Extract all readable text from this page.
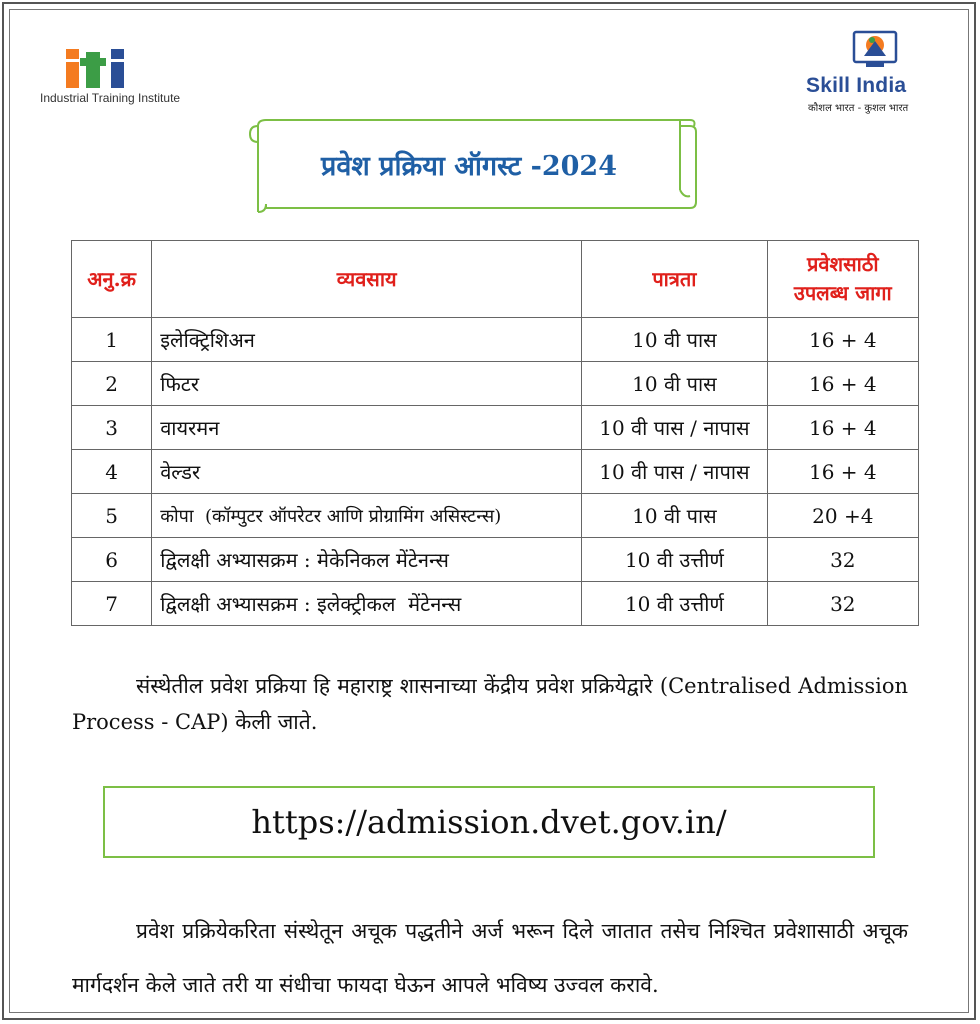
Industrial Training Institute
Skill India
कौशल भारत - कुशल भारत
प्रवेश प्रक्रिया ऑगस्ट -2024
अनु.क्र	व्यवसाय	पात्रता	प्रवेशसाठी
उपलब्ध जागा
1	इलेक्ट्रिशिअन	10 वी पास	16 + 4
2	फिटर	10 वी पास	16 + 4
3	वायरमन	10 वी पास / नापास	16 + 4
4	वेल्डर	10 वी पास / नापास	16 + 4
5	कोपा  (कॉम्पुटर ऑपरेटर आणि प्रोग्रामिंग असिस्टन्स)	10 वी पास	20 +4
6	द्विलक्षी अभ्यासक्रम : मेकेनिकल मेंटेनन्स	10 वी उत्तीर्ण	32
7	द्विलक्षी अभ्यासक्रम : इलेक्ट्रीकल  मेंटेनन्स	10 वी उत्तीर्ण	32
संस्थेतील प्रवेश प्रक्रिया हि महाराष्ट्र शासनाच्या केंद्रीय प्रवेश प्रक्रियेद्वारे (Centralised Admission Process - CAP) केली जाते.
https://admission.dvet.gov.in/
प्रवेश प्रक्रियेकरिता संस्थेतून अचूक पद्धतीने अर्ज भरून दिले जातात तसेच निश्चित प्रवेशासाठी अचूक मार्गदर्शन केले जाते तरी या संधीचा फायदा घेऊन आपले भविष्य उज्वल करावे.
